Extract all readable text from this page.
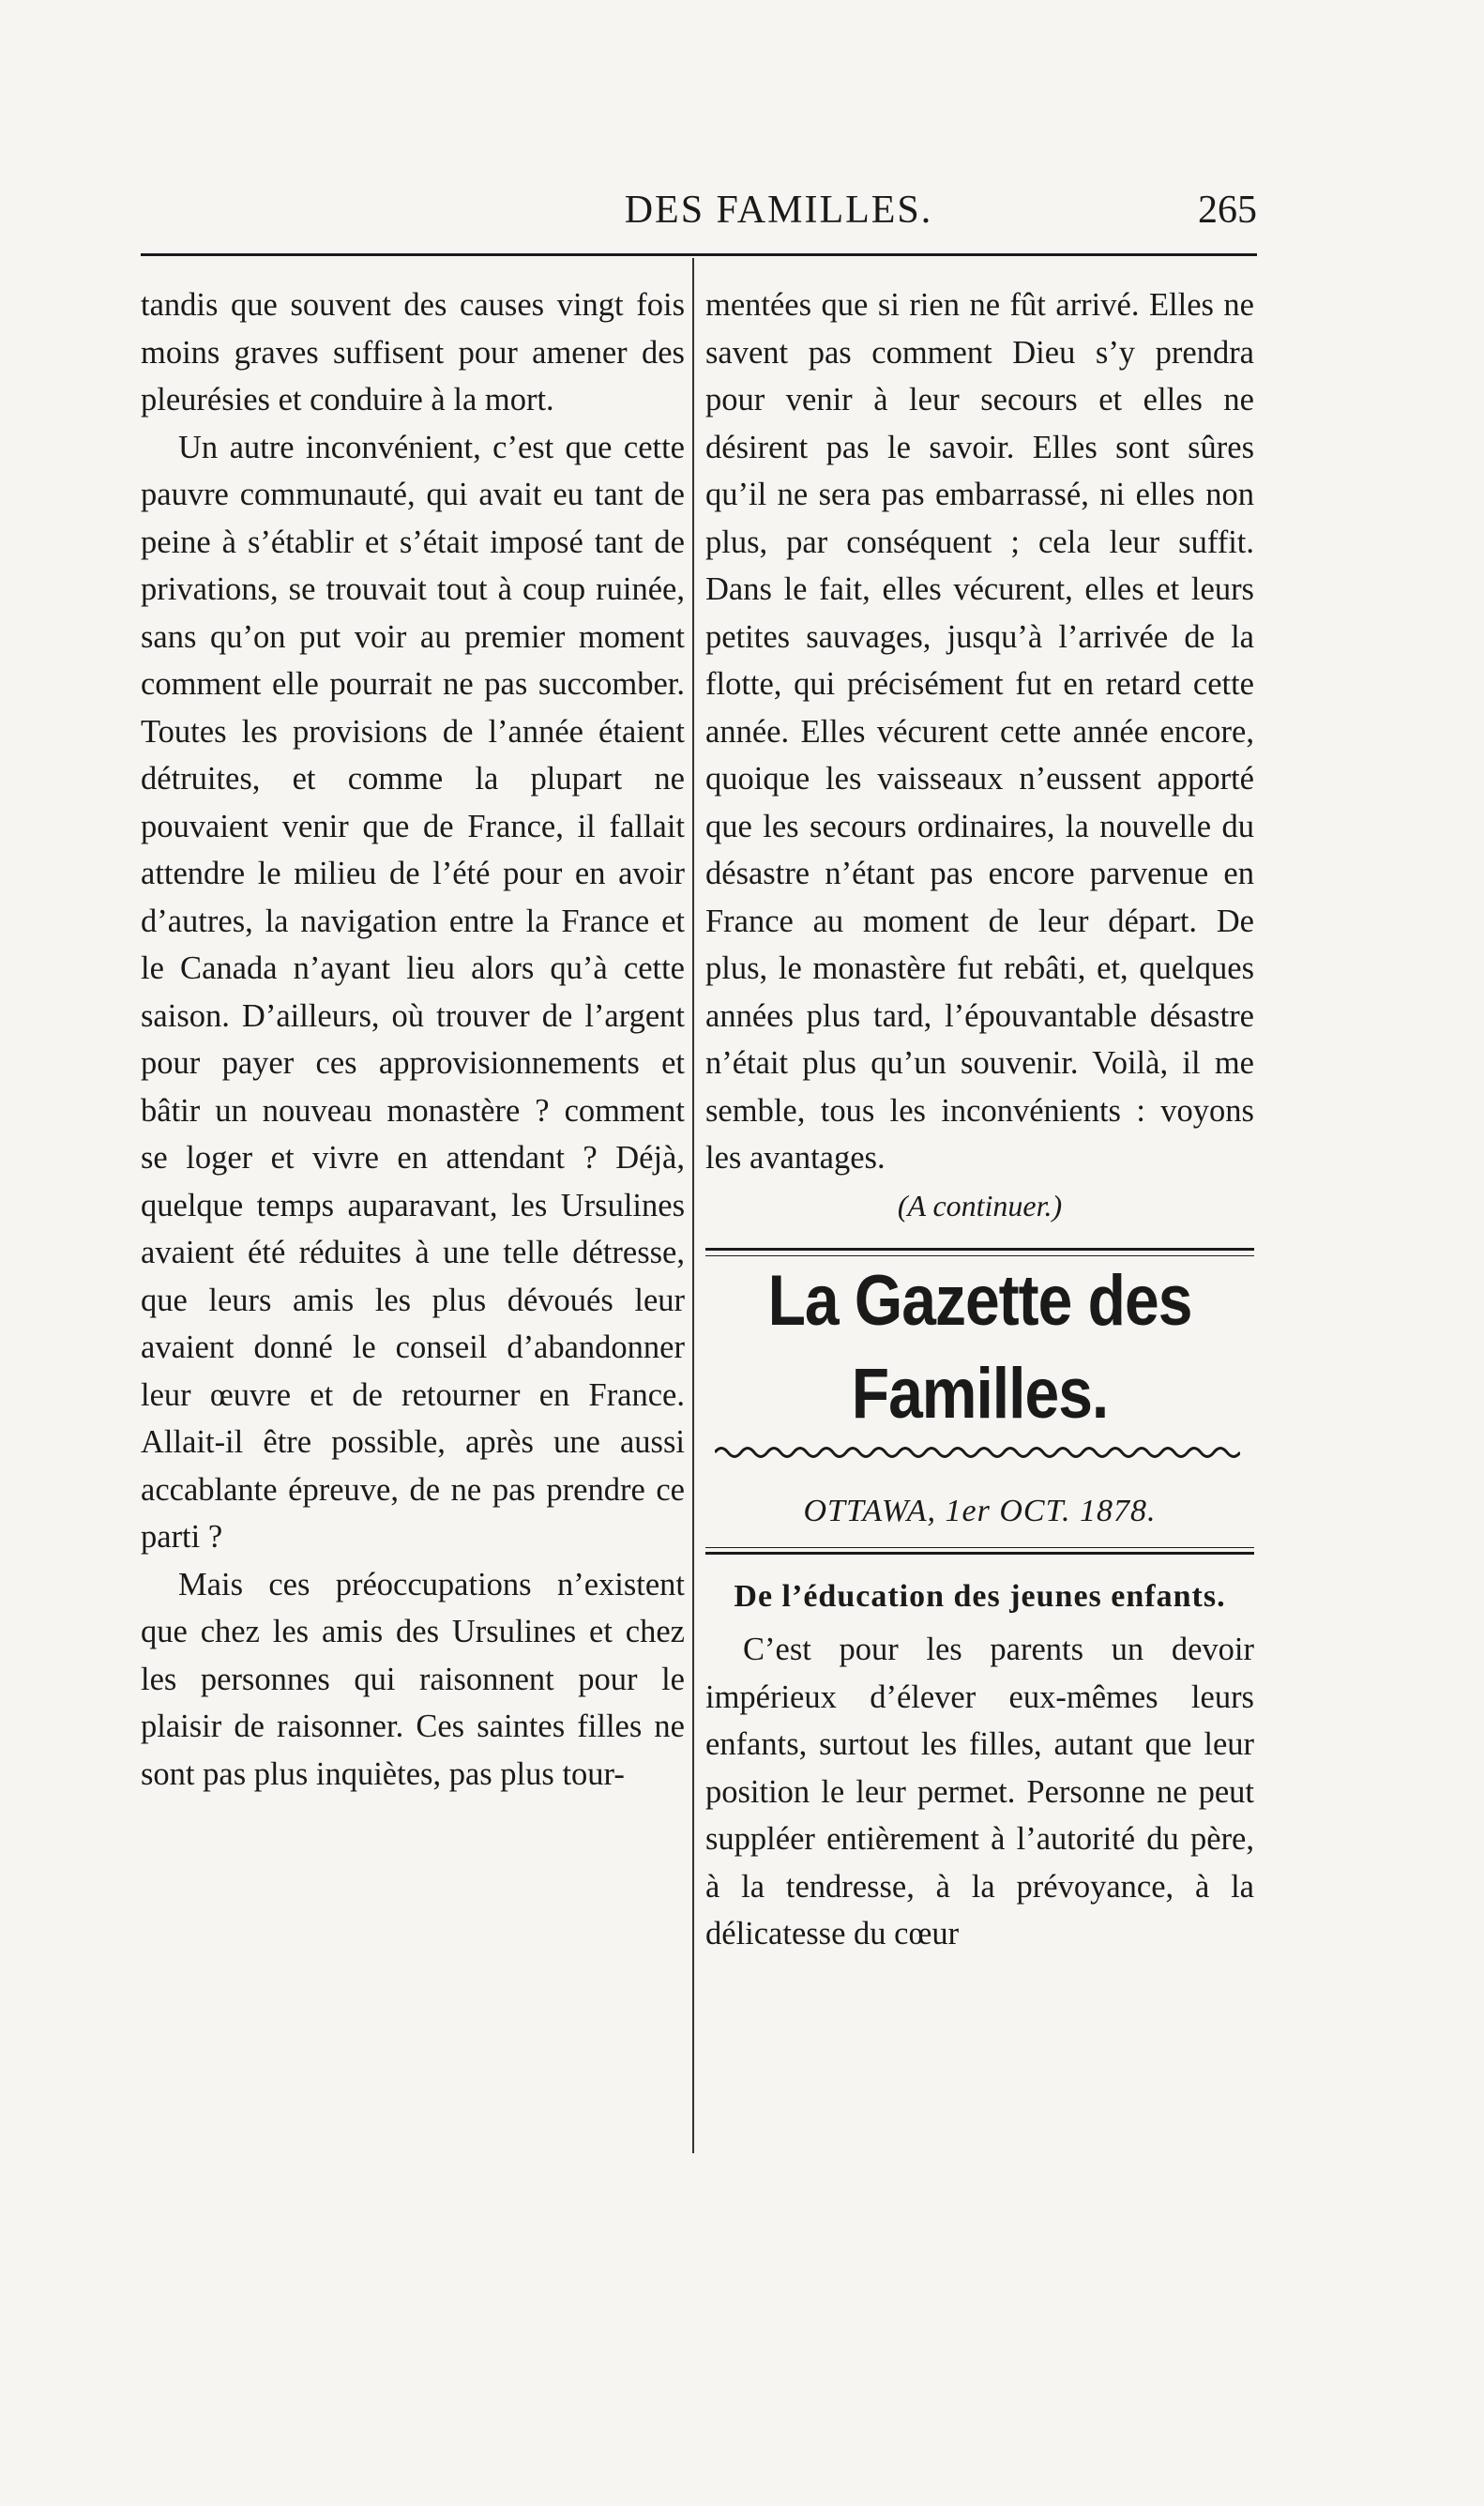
DES FAMILLES.	265

tandis que souvent des causes vingt fois moins graves suffisent pour amener des pleurésies et conduire à la mort.

Un autre inconvénient, c’est que cette pauvre communauté, qui avait eu tant de peine à s’établir et s’était imposé tant de privations, se trouvait tout à coup ruinée, sans qu’on put voir au premier moment comment elle pourrait ne pas succomber. Toutes les provisions de l’année étaient détruites, et comme la plupart ne pouvaient venir que de France, il fallait attendre le milieu de l’été pour en avoir d’autres, la navigation entre la France et le Canada n’ayant lieu alors qu’à cette saison. D’ailleurs, où trouver de l’argent pour payer ces approvisionnements et bâtir un nouveau monastère ? comment se loger et vivre en attendant ? Déjà, quelque temps auparavant, les Ursulines avaient été réduites à une telle détresse, que leurs amis les plus dévoués leur avaient donné le conseil d’abandonner leur œuvre et de retourner en France. Allait-il être possible, après une aussi accablante épreuve, de ne pas prendre ce parti ?

Mais ces préoccupations n’existent que chez les amis des Ursulines et chez les personnes qui raisonnent pour le plaisir de raisonner. Ces saintes filles ne sont pas plus inquiètes, pas plus tour-

mentées que si rien ne fût arrivé. Elles ne savent pas comment Dieu s’y prendra pour venir à leur secours et elles ne désirent pas le savoir. Elles sont sûres qu’il ne sera pas embarrassé, ni elles non plus, par conséquent ; cela leur suffit. Dans le fait, elles vécurent, elles et leurs petites sauvages, jusqu’à l’arrivée de la flotte, qui précisément fut en retard cette année. Elles vécurent cette année encore, quoique les vaisseaux n’eussent apporté que les secours ordinaires, la nouvelle du désastre n’étant pas encore parvenue en France au moment de leur départ. De plus, le monastère fut rebâti, et, quelques années plus tard, l’épouvantable désastre n’était plus qu’un souvenir. Voilà, il me semble, tous les inconvénients : voyons les avantages.

(A continuer.)
La Gazette des Familles.
OTTAWA, 1er OCT. 1878.
De l’éducation des jeunes enfants.

C’est pour les parents un devoir impérieux d’élever eux-mêmes leurs enfants, surtout les filles, autant que leur position le leur permet. Personne ne peut suppléer entièrement à l’autorité du père, à la tendresse, à la prévoyance, à la délicatesse du cœur
